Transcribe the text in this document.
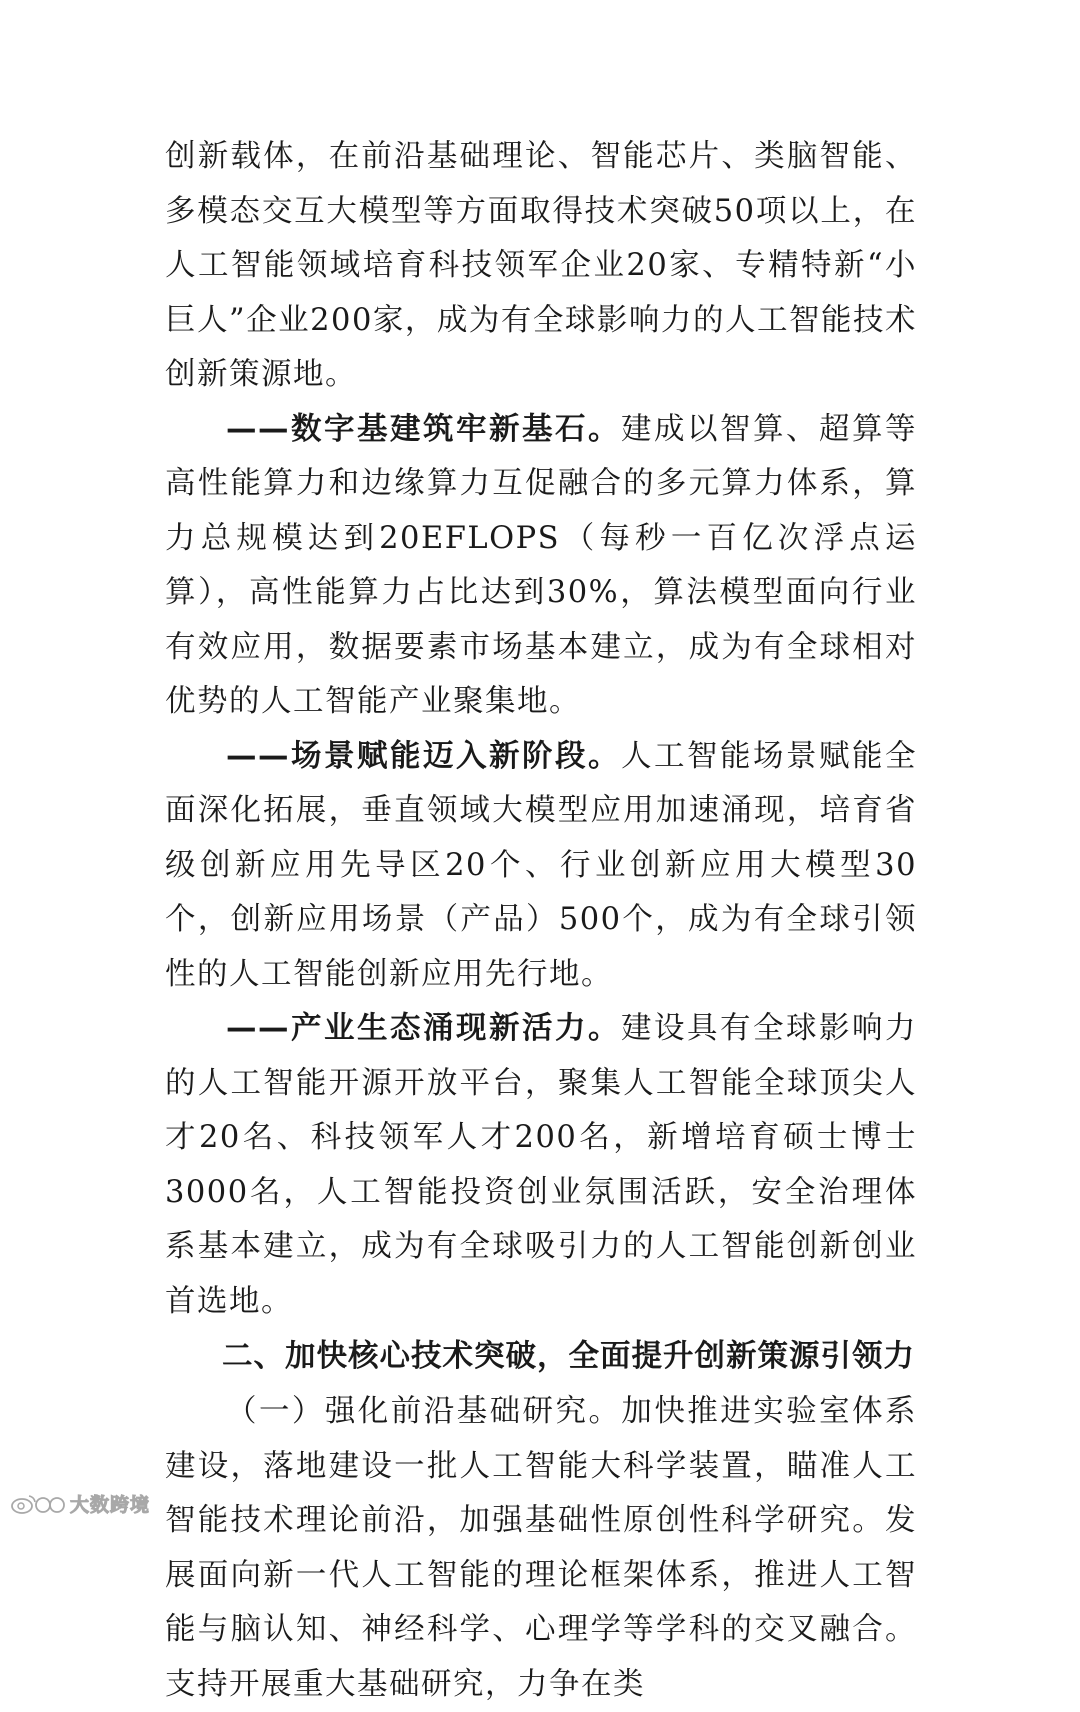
创新载体，在前沿基础理论、智能芯片、类脑智能、多模态交互大模型等方面取得技术突破50项以上，在人工智能领域培育科技领军企业20家、专精特新“小巨人”企业200家，成为有全球影响力的人工智能技术创新策源地。

——数字基建筑牢新基石。建成以智算、超算等高性能算力和边缘算力互促融合的多元算力体系，算力总规模达到20EFLOPS（每秒一百亿次浮点运算），高性能算力占比达到30%，算法模型面向行业有效应用，数据要素市场基本建立，成为有全球相对优势的人工智能产业聚集地。

——场景赋能迈入新阶段。人工智能场景赋能全面深化拓展，垂直领域大模型应用加速涌现，培育省级创新应用先导区20个、行业创新应用大模型30个，创新应用场景（产品）500个，成为有全球引领性的人工智能创新应用先行地。

——产业生态涌现新活力。建设具有全球影响力的人工智能开源开放平台，聚集人工智能全球顶尖人才20名、科技领军人才200名，新增培育硕士博士3000名，人工智能投资创业氛围活跃，安全治理体系基本建立，成为有全球吸引力的人工智能创新创业首选地。

二、加快核心技术突破，全面提升创新策源引领力

（一）强化前沿基础研究。加快推进实验室体系建设，落地建设一批人工智能大科学装置，瞄准人工智能技术理论前沿，加强基础性原创性科学研究。发展面向新一代人工智能的理论框架体系，推进人工智能与脑认知、神经科学、心理学等学科的交叉融合。支持开展重大基础研究，力争在类

大数跨境
